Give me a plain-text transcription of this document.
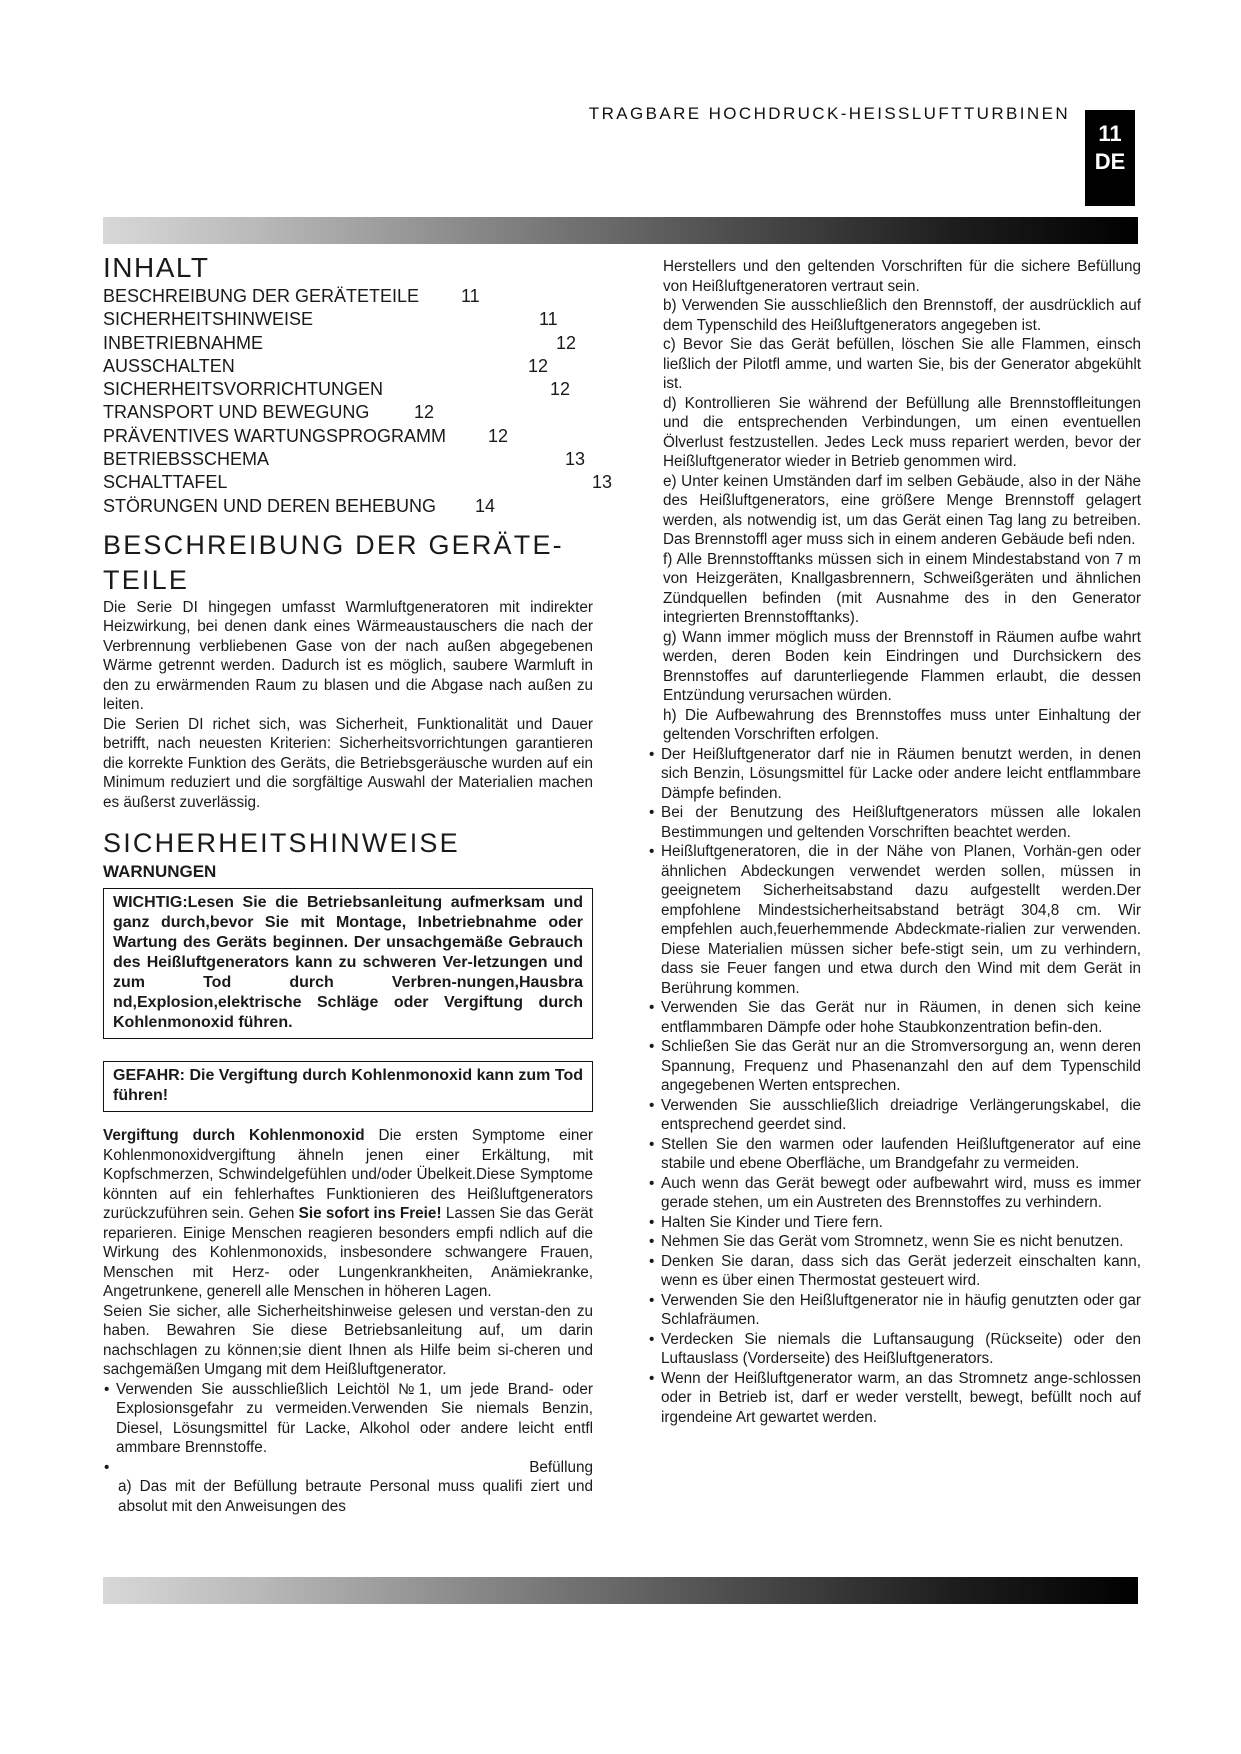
TRAGBARE HOCHDRUCK-HEISSLUFTTURBINEN
11
DE
INHALT
BESCHREIBUNG DER GERÄTETEILE 11
SICHERHEITSHINWEISE	11
INBETRIEBNAHME	12
AUSSCHALTEN	12
SICHERHEITSVORRICHTUNGEN	12
TRANSPORT UND BEWEGUNG 12
PRÄVENTIVES WARTUNGSPROGRAMM 12
BETRIEBSSCHEMA	13
SCHALTTAFEL	13
STÖRUNGEN UND DEREN BEHEBUNG 14
BESCHREIBUNG DER GERÄTE-
TEILE

Die Serie DI hingegen umfasst Warmluftgeneratoren mit indirekter Heizwirkung, bei denen dank eines Wärmeaustauschers die nach der Verbrennung verbliebenen Gase von der nach außen abgegebenen Wärme getrennt werden. Dadurch ist es möglich, saubere Warmluft in den zu erwärmenden Raum zu blasen und die Abgase nach außen zu leiten.

Die Serien DI richet sich, was Sicherheit, Funktionalität und Dauer betrifft, nach neuesten Kriterien: Sicherheitsvorrichtungen garantieren die korrekte Funktion des Geräts, die Betriebsgeräusche wurden auf ein Minimum reduziert und die sorgfältige Auswahl der Materialien machen es äußerst zuverlässig.

SICHERHEITSHINWEISE

WARNUNGEN

WICHTIG:Lesen Sie die Betriebsanleitung aufmerksam und ganz durch,bevor Sie mit Montage, Inbetriebnahme oder Wartung des Geräts beginnen. Der unsachgemäße Gebrauch des Heißluftgenerators kann zu schweren Ver-letzungen und zum Tod durch Verbren-nungen,Hausbra nd,Explosion,elektrische Schläge oder Vergiftung durch Kohlenmonoxid führen.
GEFAHR: Die Vergiftung durch Kohlenmonoxid kann zum Tod führen!

Vergiftung durch Kohlenmonoxid Die ersten Symptome einer Kohlenmonoxidvergiftung ähneln jenen einer Erkältung, mit Kopfschmerzen, Schwindelgefühlen und/oder Übelkeit.Diese Symptome könnten auf ein fehlerhaftes Funktionieren des Heißluftgenerators zurückzuführen sein. Gehen Sie sofort ins Freie! Lassen Sie das Gerät reparieren. Einige Menschen reagieren besonders empfi ndlich auf die Wirkung des Kohlenmonoxids, insbesondere schwangere Frauen, Menschen mit Herz- oder Lungenkrankheiten, Anämiekranke, Angetrunkene, generell alle Menschen in höheren Lagen.

Seien Sie sicher, alle Sicherheitshinweise gelesen und verstan-den zu haben. Bewahren Sie diese Betriebsanleitung auf, um darin nachschlagen zu können;sie dient Ihnen als Hilfe beim si-cheren und sachgemäßen Umgang mit dem Heißluftgenerator.

• Verwenden Sie ausschließlich Leichtöl №1, um jede Brand- oder Explosionsgefahr zu vermeiden.Verwenden Sie niemals Benzin, Diesel, Lösungsmittel für Lacke, Alkohol oder andere leicht entfl ammbare Brennstoffe.
• Befüllung

a) Das mit der Befüllung betraute Personal muss qualifi ziert und absolut mit den Anweisungen des

Herstellers und den geltenden Vorschriften für die sichere Befüllung von Heißluftgeneratoren vertraut sein.

b) Verwenden Sie ausschließlich den Brennstoff, der ausdrücklich auf dem Typenschild des Heißluftgenerators angegeben ist.

c) Bevor Sie das Gerät befüllen, löschen Sie alle Flammen, einsch ließlich der Pilotfl amme, und warten Sie, bis der Generator abgekühlt ist.

d) Kontrollieren Sie während der Befüllung alle Brennstoffleitungen und die entsprechenden Verbindungen, um einen eventuellen Ölverlust festzustellen. Jedes Leck muss repariert werden, bevor der Heißluftgenerator wieder in Betrieb genommen wird.

e) Unter keinen Umständen darf im selben Gebäude, also in der Nähe des Heißluftgenerators, eine größere Menge Brennstoff gelagert werden, als notwendig ist, um das Gerät einen Tag lang zu betreiben. Das Brennstoffl ager muss sich in einem anderen Gebäude befi nden.

f) Alle Brennstofftanks müssen sich in einem Mindestabstand von 7 m von Heizgeräten, Knallgasbrennern, Schweißgeräten und ähnlichen Zündquellen befinden (mit Ausnahme des in den Generator integrierten Brennstofftanks).

g) Wann immer möglich muss der Brennstoff in Räumen aufbe wahrt werden, deren Boden kein Eindringen und Durchsickern des Brennstoffes auf darunterliegende Flammen erlaubt, die dessen Entzündung verursachen würden.

h) Die Aufbewahrung des Brennstoffes muss unter Einhaltung der geltenden Vorschriften erfolgen.

• Der Heißluftgenerator darf nie in Räumen benutzt werden, in denen sich Benzin, Lösungsmittel für Lacke oder andere leicht entflammbare Dämpfe befinden.
• Bei der Benutzung des Heißluftgenerators müssen alle lokalen Bestimmungen und geltenden Vorschriften beachtet werden.
• Heißluftgeneratoren, die in der Nähe von Planen, Vorhän-gen oder ähnlichen Abdeckungen verwendet werden sollen, müssen in geeignetem Sicherheitsabstand dazu aufgestellt werden.Der empfohlene Mindestsicherheitsabstand beträgt 304,8 cm. Wir empfehlen auch,feuerhemmende Abdeckmate-rialien zur verwenden. Diese Materialien müssen sicher befe-stigt sein, um zu verhindern, dass sie Feuer fangen und etwa durch den Wind mit dem Gerät in Berührung kommen.
• Verwenden Sie das Gerät nur in Räumen, in denen sich keine entflammbaren Dämpfe oder hohe Staubkonzentration befin-den.
• Schließen Sie das Gerät nur an die Stromversorgung an, wenn deren Spannung, Frequenz und Phasenanzahl den auf dem Typenschild angegebenen Werten entsprechen.
• Verwenden Sie ausschließlich dreiadrige Verlängerungskabel, die entsprechend geerdet sind.
• Stellen Sie den warmen oder laufenden Heißluftgenerator auf eine stabile und ebene Oberfläche, um Brandgefahr zu vermeiden.
• Auch wenn das Gerät bewegt oder aufbewahrt wird, muss es immer gerade stehen, um ein Austreten des Brennstoffes zu verhindern.
• Halten Sie Kinder und Tiere fern.
• Nehmen Sie das Gerät vom Stromnetz, wenn Sie es nicht benutzen.
• Denken Sie daran, dass sich das Gerät jederzeit einschalten kann, wenn es über einen Thermostat gesteuert wird.
• Verwenden Sie den Heißluftgenerator nie in häufig genutzten oder gar Schlafräumen.
• Verdecken Sie niemals die Luftansaugung (Rückseite) oder den Luftauslass (Vorderseite) des Heißluftgenerators.
• Wenn der Heißluftgenerator warm, an das Stromnetz ange-schlossen oder in Betrieb ist, darf er weder verstellt, bewegt, befüllt noch auf irgendeine Art gewartet werden.
